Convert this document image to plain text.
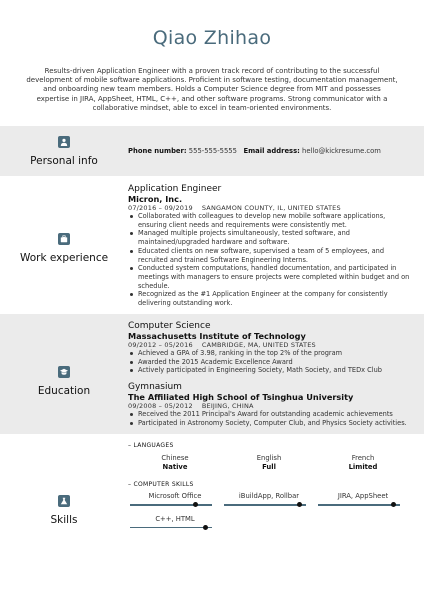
Qiao Zhihao
Results-driven Application Engineer with a proven track record of contributing to the successful development of mobile software applications. Proficient in software testing, documentation management, and onboarding new team members. Holds a Computer Science degree from MIT and possesses expertise in JIRA, AppSheet, HTML, C++, and other software programs. Strong communicator with a collaborative mindset, able to excel in team-oriented environments.
Personal info
Phone number: 555-555-5555 Email address: hello@kickresume.com
Work experience
Application Engineer
Micron, Inc.
07/2016 – 09/2019    SANGAMON COUNTY, IL, UNITED STATES
Collaborated with colleagues to develop new mobile software applications, ensuring client needs and requirements were consistently met.
Managed multiple projects simultaneously, tested software, and maintained/upgraded hardware and software.
Educated clients on new software, supervised a team of 5 employees, and recruited and trained Software Engineering Interns.
Conducted system computations, handled documentation, and participated in meetings with managers to ensure projects were completed within budget and on schedule.
Recognized as the #1 Application Engineer at the company for consistently delivering outstanding work.
Education
Computer Science
Massachusetts Institute of Technology
09/2012 – 05/2016    CAMBRIDGE, MA, UNITED STATES
Achieved a GPA of 3.98, ranking in the top 2% of the program
Awarded the 2015 Academic Excellence Award
Actively participated in Engineering Society, Math Society, and TEDx Club
Gymnasium
The Affiliated High School of Tsinghua University
09/2008 – 05/2012    BEIJING, CHINA
Received the 2011 Principal's Award for outstanding academic achievements
Participated in Astronomy Society, Computer Club, and Physics Society activities.
Skills
– LANGUAGES
Chinese
Native
English
Full
French
Limited
– COMPUTER SKILLS
Microsoft Office	iBuildApp, Rollbar	JIRA, AppSheet
C++, HTML
